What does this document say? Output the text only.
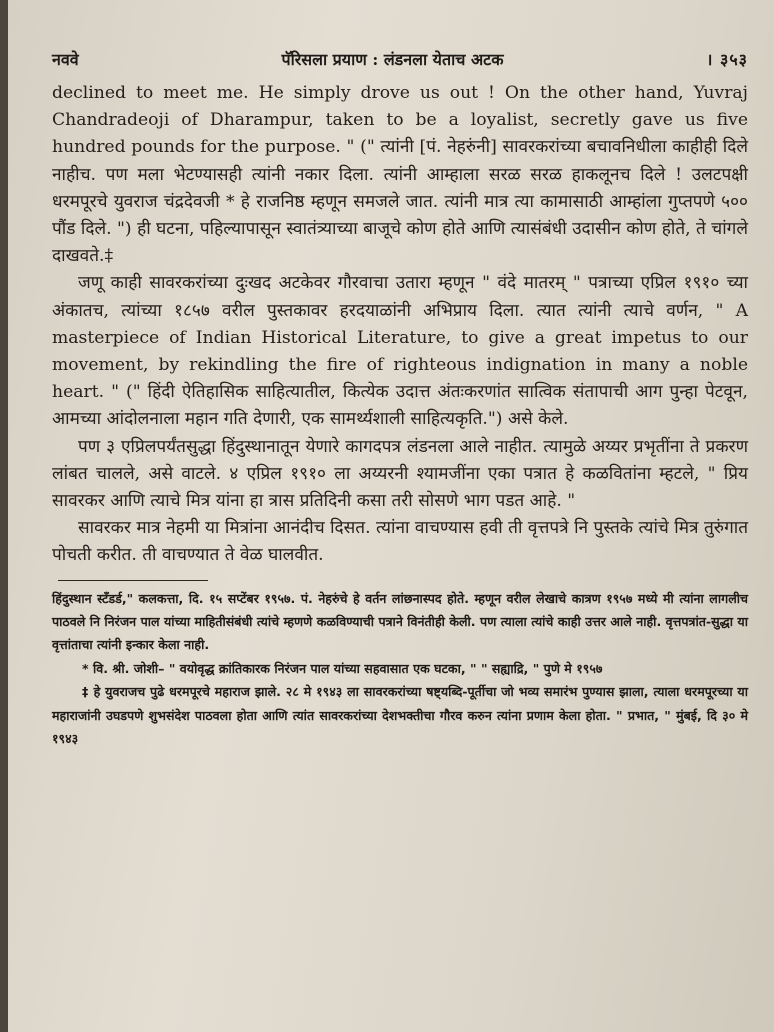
नववे	पॅरिसला प्रयाण : लंडनला येताच अटक	। ३५३

declined to meet me. He simply drove us out ! On the other hand, Yuvraj Chandradeoji of Dharampur, taken to be a loyalist, secretly gave us five hundred pounds for the purpose. " (" त्यांनी [पं. नेहरुंनी] सावरकरांच्या बचावनिधीला काहीही दिले नाहीच. पण मला भेटण्यासही त्यांनी नकार दिला. त्यांनी आम्हाला सरळ सरळ हाकलूनच दिले ! उलटपक्षी धरमपूरचे युवराज चंद्रदेवजी * हे राजनिष्ठ म्हणून समजले जात. त्यांनी मात्र त्या कामासाठी आम्हांला गुप्तपणे ५०० पौंड दिले. ") ही घटना, पहिल्यापासून स्वातंत्र्याच्या बाजूचे कोण होते आणि त्यासंबंधी उदासीन कोण होते, ते चांगले दाखवते.‡

जणू काही सावरकरांच्या दुःखद अटकेवर गौरवाचा उतारा म्हणून " वंदे मातरम् " पत्राच्या एप्रिल १९१० च्या अंकातच, त्यांच्या १८५७ वरील पुस्तकावर हरदयाळांनी अभिप्राय दिला. त्यात त्यांनी त्याचे वर्णन, " A masterpiece of Indian Historical Literature, to give a great impetus to our movement, by rekindling the fire of righteous indignation in many a noble heart. " (" हिंदी ऐतिहासिक साहित्यातील, कित्येक उदात्त अंतःकरणांत सात्विक संतापाची आग पुन्हा पेटवून, आमच्या आंदोलनाला महान गति देणारी, एक सामर्थ्यशाली साहित्यकृति.") असे केले.

पण ३ एप्रिलपर्यंतसुद्धा हिंदुस्थानातून येणारे कागदपत्र लंडनला आले नाहीत. त्यामुळे अय्यर प्रभृतींना ते प्रकरण लांबत चालले, असे वाटले. ४ एप्रिल १९१० ला अय्यरनी श्यामजींना एका पत्रात हे कळवितांना म्हटले, " प्रिय सावरकर आणि त्याचे मित्र यांना हा त्रास प्रतिदिनी कसा तरी सोसणे भाग पडत आहे. "

सावरकर मात्र नेहमी या मित्रांना आनंदीच दिसत. त्यांना वाचण्यास हवी ती वृत्तपत्रे नि पुस्तके त्यांचे मित्र तुरुंगात पोचती करीत. ती वाचण्यात ते वेळ घालवीत.

हिंदुस्थान स्टँडर्ड," कलकत्ता, दि. १५ सप्टेंबर १९५७. पं. नेहरुंचे हे वर्तन लांछनास्पद होते. म्हणून वरील लेखाचे कात्रण १९५७ मध्ये मी त्यांना लागलीच पाठवले नि निरंजन पाल यांच्या माहितीसंबंधी त्यांचे म्हणणे कळविण्याची पत्राने विनंतीही केली. पण त्याला त्यांचे काही उत्तर आले नाही. वृत्तपत्रांत-सुद्धा या वृत्तांताचा त्यांनी इन्कार केला नाही.

* वि. श्री. जोशी– " वयोवृद्ध क्रांतिकारक निरंजन पाल यांच्या सहवासात एक घटका, " " सह्याद्रि, " पुणे मे १९५७

‡ हे युवराजच पुढे धरमपूरचे महाराज झाले. २८ मे १९४३ ला सावरकरांच्या षष्ट्यब्दि-पूर्तीचा जो भव्य समारंभ पुण्यास झाला, त्याला धरमपूरच्या या महाराजांनी उघडपणे शुभसंदेश पाठवला होता आणि त्यांत सावरकरांच्या देशभक्तीचा गौरव करुन त्यांना प्रणाम केला होता. " प्रभात, " मुंबई, दि ३० मे १९४३
